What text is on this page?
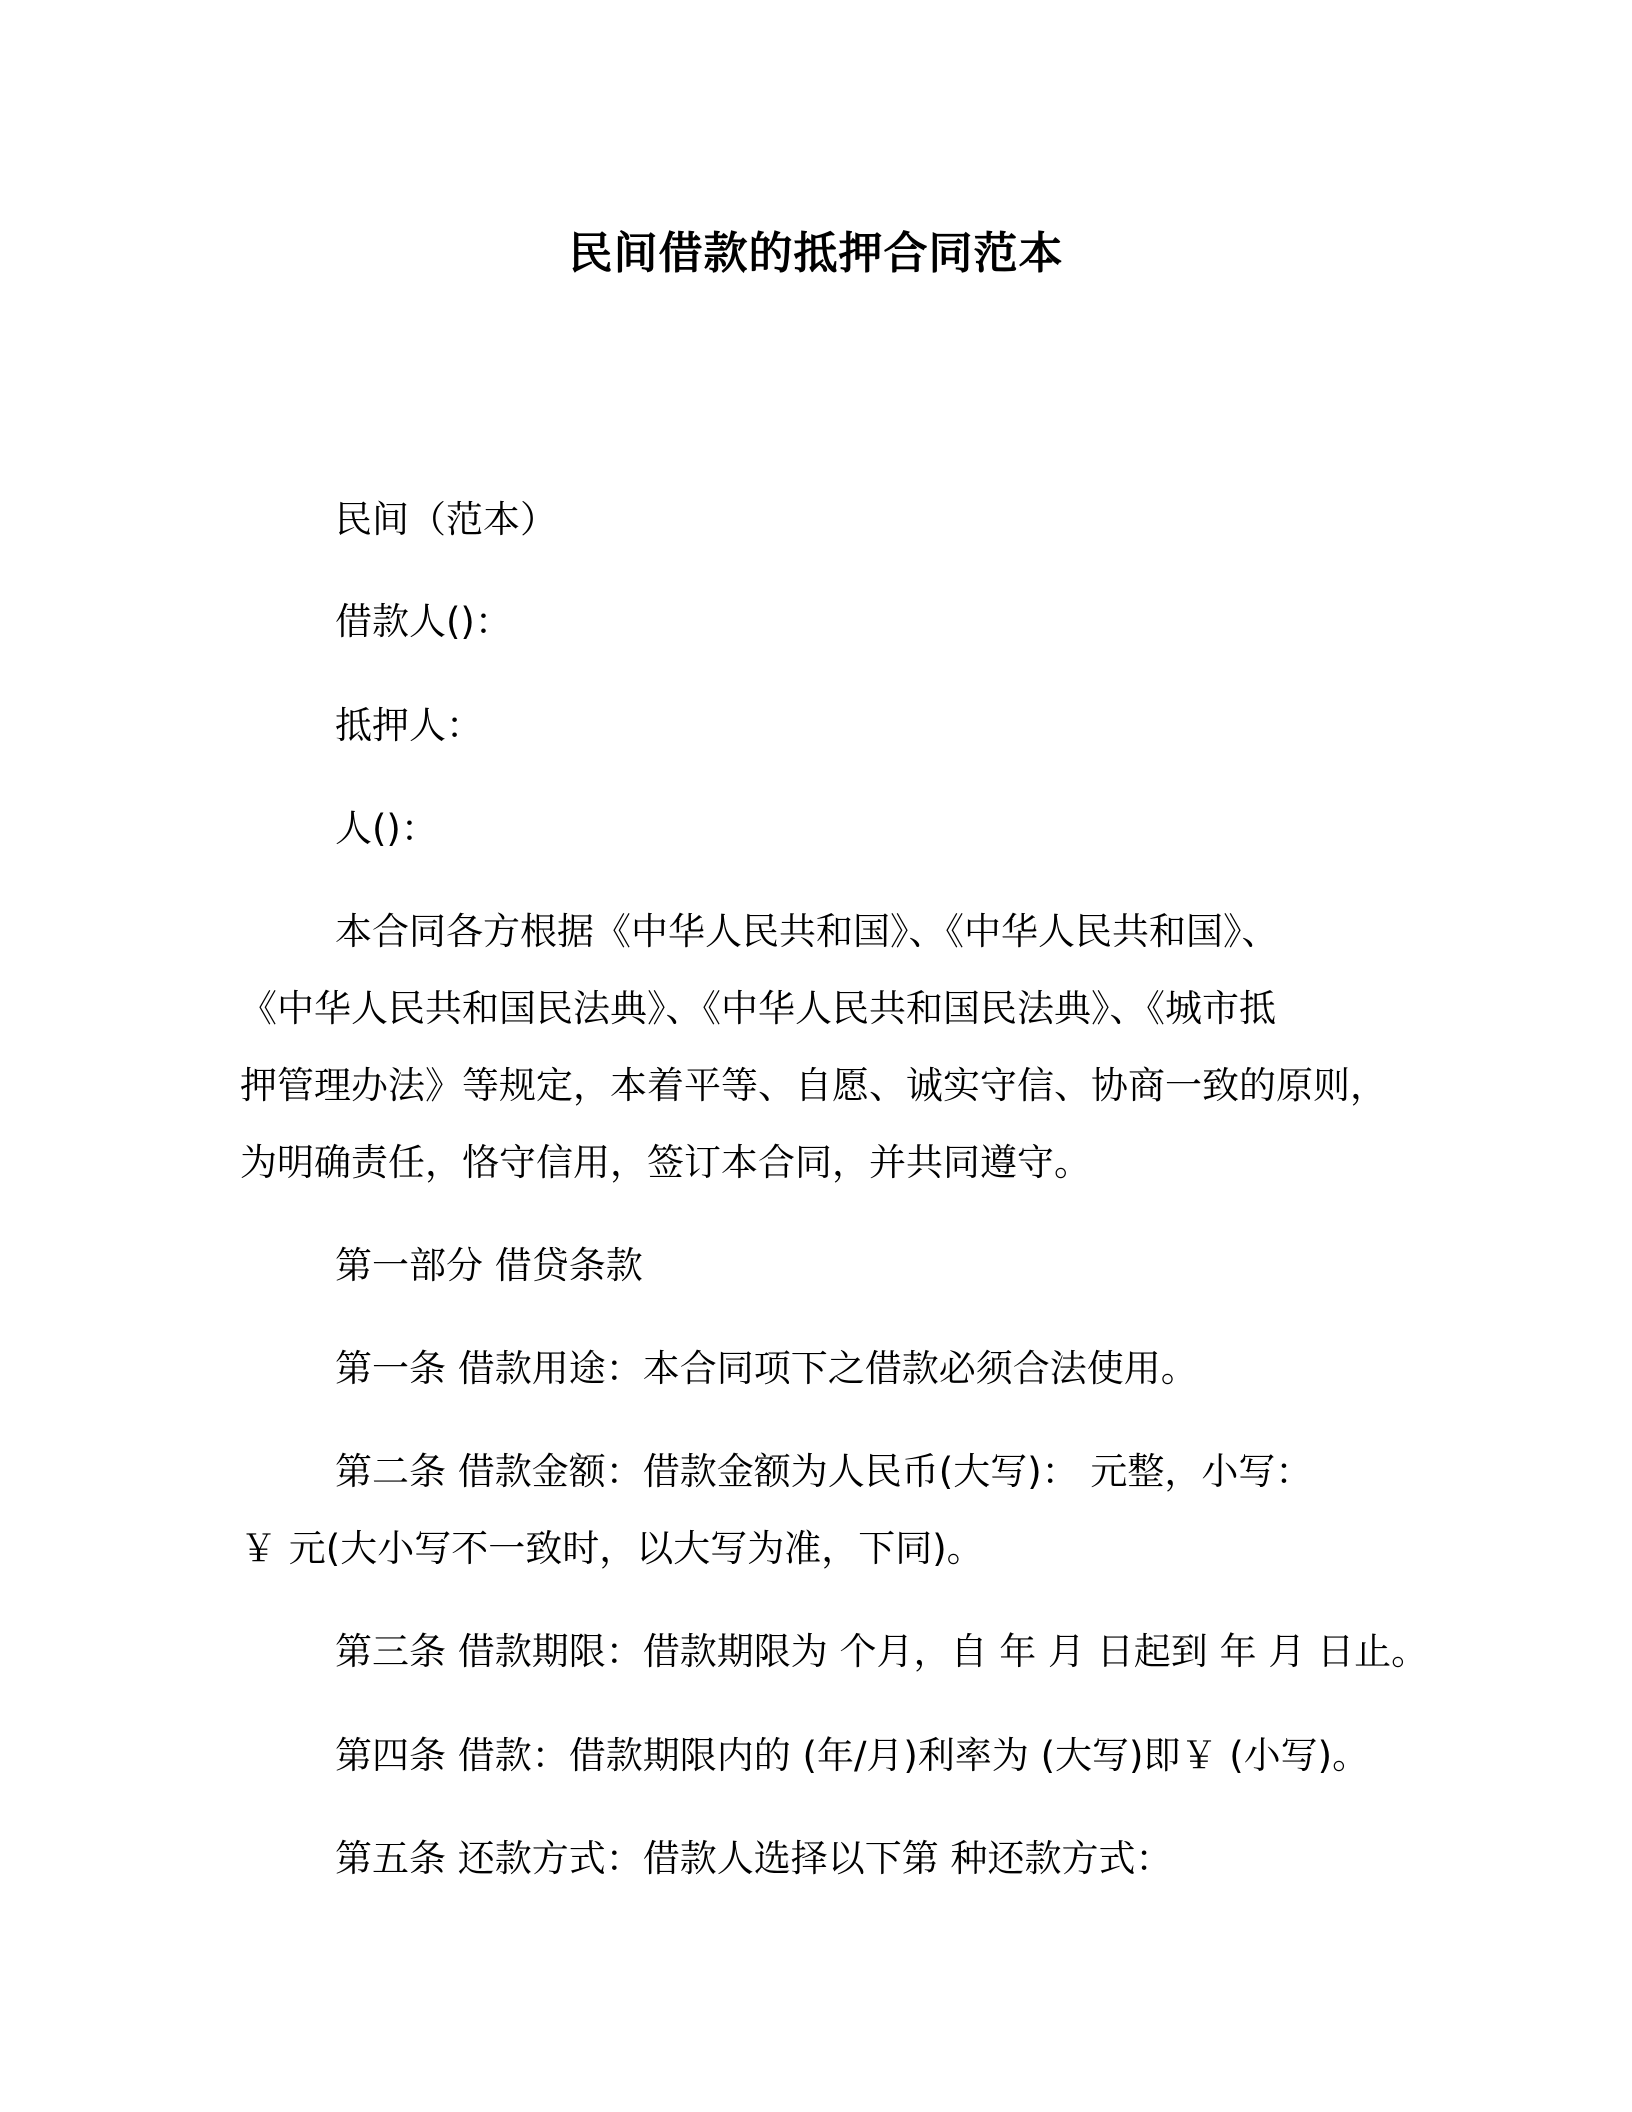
民间借款的抵押合同范本
民间（范本）
借款人()：
抵押人：
人()：
本合同各方根据《中华人民共和国》、《中华人民共和国》、
《中华人民共和国民法典》、《中华人民共和国民法典》、《城市抵
押管理办法》等规定，本着平等、自愿、诚实守信、协商一致的原则，
为明确责任，恪守信用，签订本合同，并共同遵守。
第一部分 借贷条款
第一条 借款用途：本合同项下之借款必须合法使用。
第二条 借款金额：借款金额为人民币(大写)： 元整，小写：
￥ 元(大小写不一致时，以大写为准，下同)。
第三条 借款期限：借款期限为 个月，自 年 月 日起到 年 月 日止。
第四条 借款：借款期限内的 (年/月)利率为 (大写)即￥ (小写)。
第五条 还款方式：借款人选择以下第 种还款方式：
